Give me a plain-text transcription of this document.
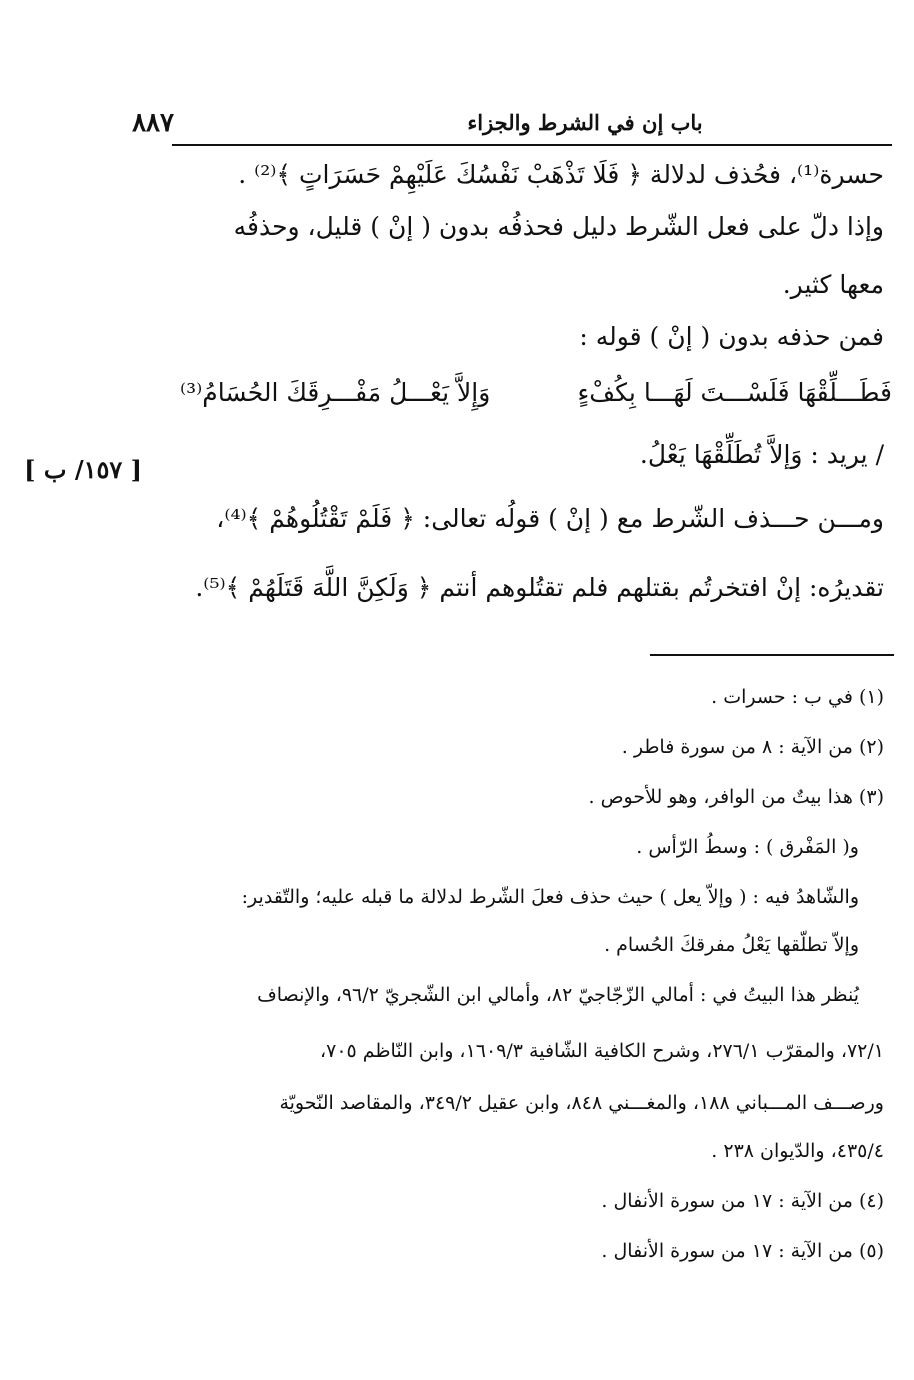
باب إن في الشرط والجزاء
٨٨٧
حسرة⁽¹⁾، فحُذف لدلالة ﴿ فَلَا تَذْهَبْ نَفْسُكَ عَلَيْهِمْ حَسَرَاتٍ ﴾⁽²⁾ .
وإذا دلّ على فعل الشّرط دليل فحذفُه بدون ( إنْ ) قليل، وحذفُه
معها كثير.
فمن حذفه بدون ( إنْ ) قوله :
فَطَـــلِّقْهَا فَلَسْـــتَ لَهَـــا بِكُفْءٍ
وَإِلاَّ يَعْـــلُ مَفْـــرِقَكَ الحُسَامُ⁽³⁾
/ يريد : وَإلاَّ تُطَلِّقْهَا يَعْلُ.
[ ١٥٧/ ب ]
ومـــن حـــذف الشّرط مع ( إنْ ) قولُه تعالى: ﴿ فَلَمْ تَقْتُلُوهُمْ ﴾⁽⁴⁾،
تقديرُه: إنْ افتخرتُم بقتلهم فلم تقتُلوهم أنتم ﴿ وَلَكِنَّ اللَّهَ قَتَلَهُمْ ﴾⁽⁵⁾.
(١) في ب : حسرات .
(٢) من الآية : ٨ من سورة فاطر .
(٣) هذا بيتٌ من الوافر، وهو للأحوص .
و( المَفْرق ) : وسطُ الرّأس .
والشّاهدُ فيه : ( وإلاّ يعل ) حيث حذف فعلَ الشّرط لدلالة ما قبله عليه؛ والتّقدير:
وإلاّ تطلّقها يَعْلُ مفرقكَ الحُسام .
يُنظر هذا البيتُ في : أمالي الزّجّاجيّ ٨٢، وأمالي ابن الشّجريّ ٩٦/٢، والإنصاف
٧٢/١، والمقرّب ٢٧٦/١، وشرح الكافية الشّافية ١٦٠٩/٣، وابن النّاظم ٧٠٥،
ورصـــف المـــباني ١٨٨، والمغـــني ٨٤٨، وابن عقيل ٣٤٩/٢، والمقاصد النّحويّة
٤٣٥/٤، والدّيوان ٢٣٨ .
(٤) من الآية : ١٧ من سورة الأنفال .
(٥) من الآية : ١٧ من سورة الأنفال .
